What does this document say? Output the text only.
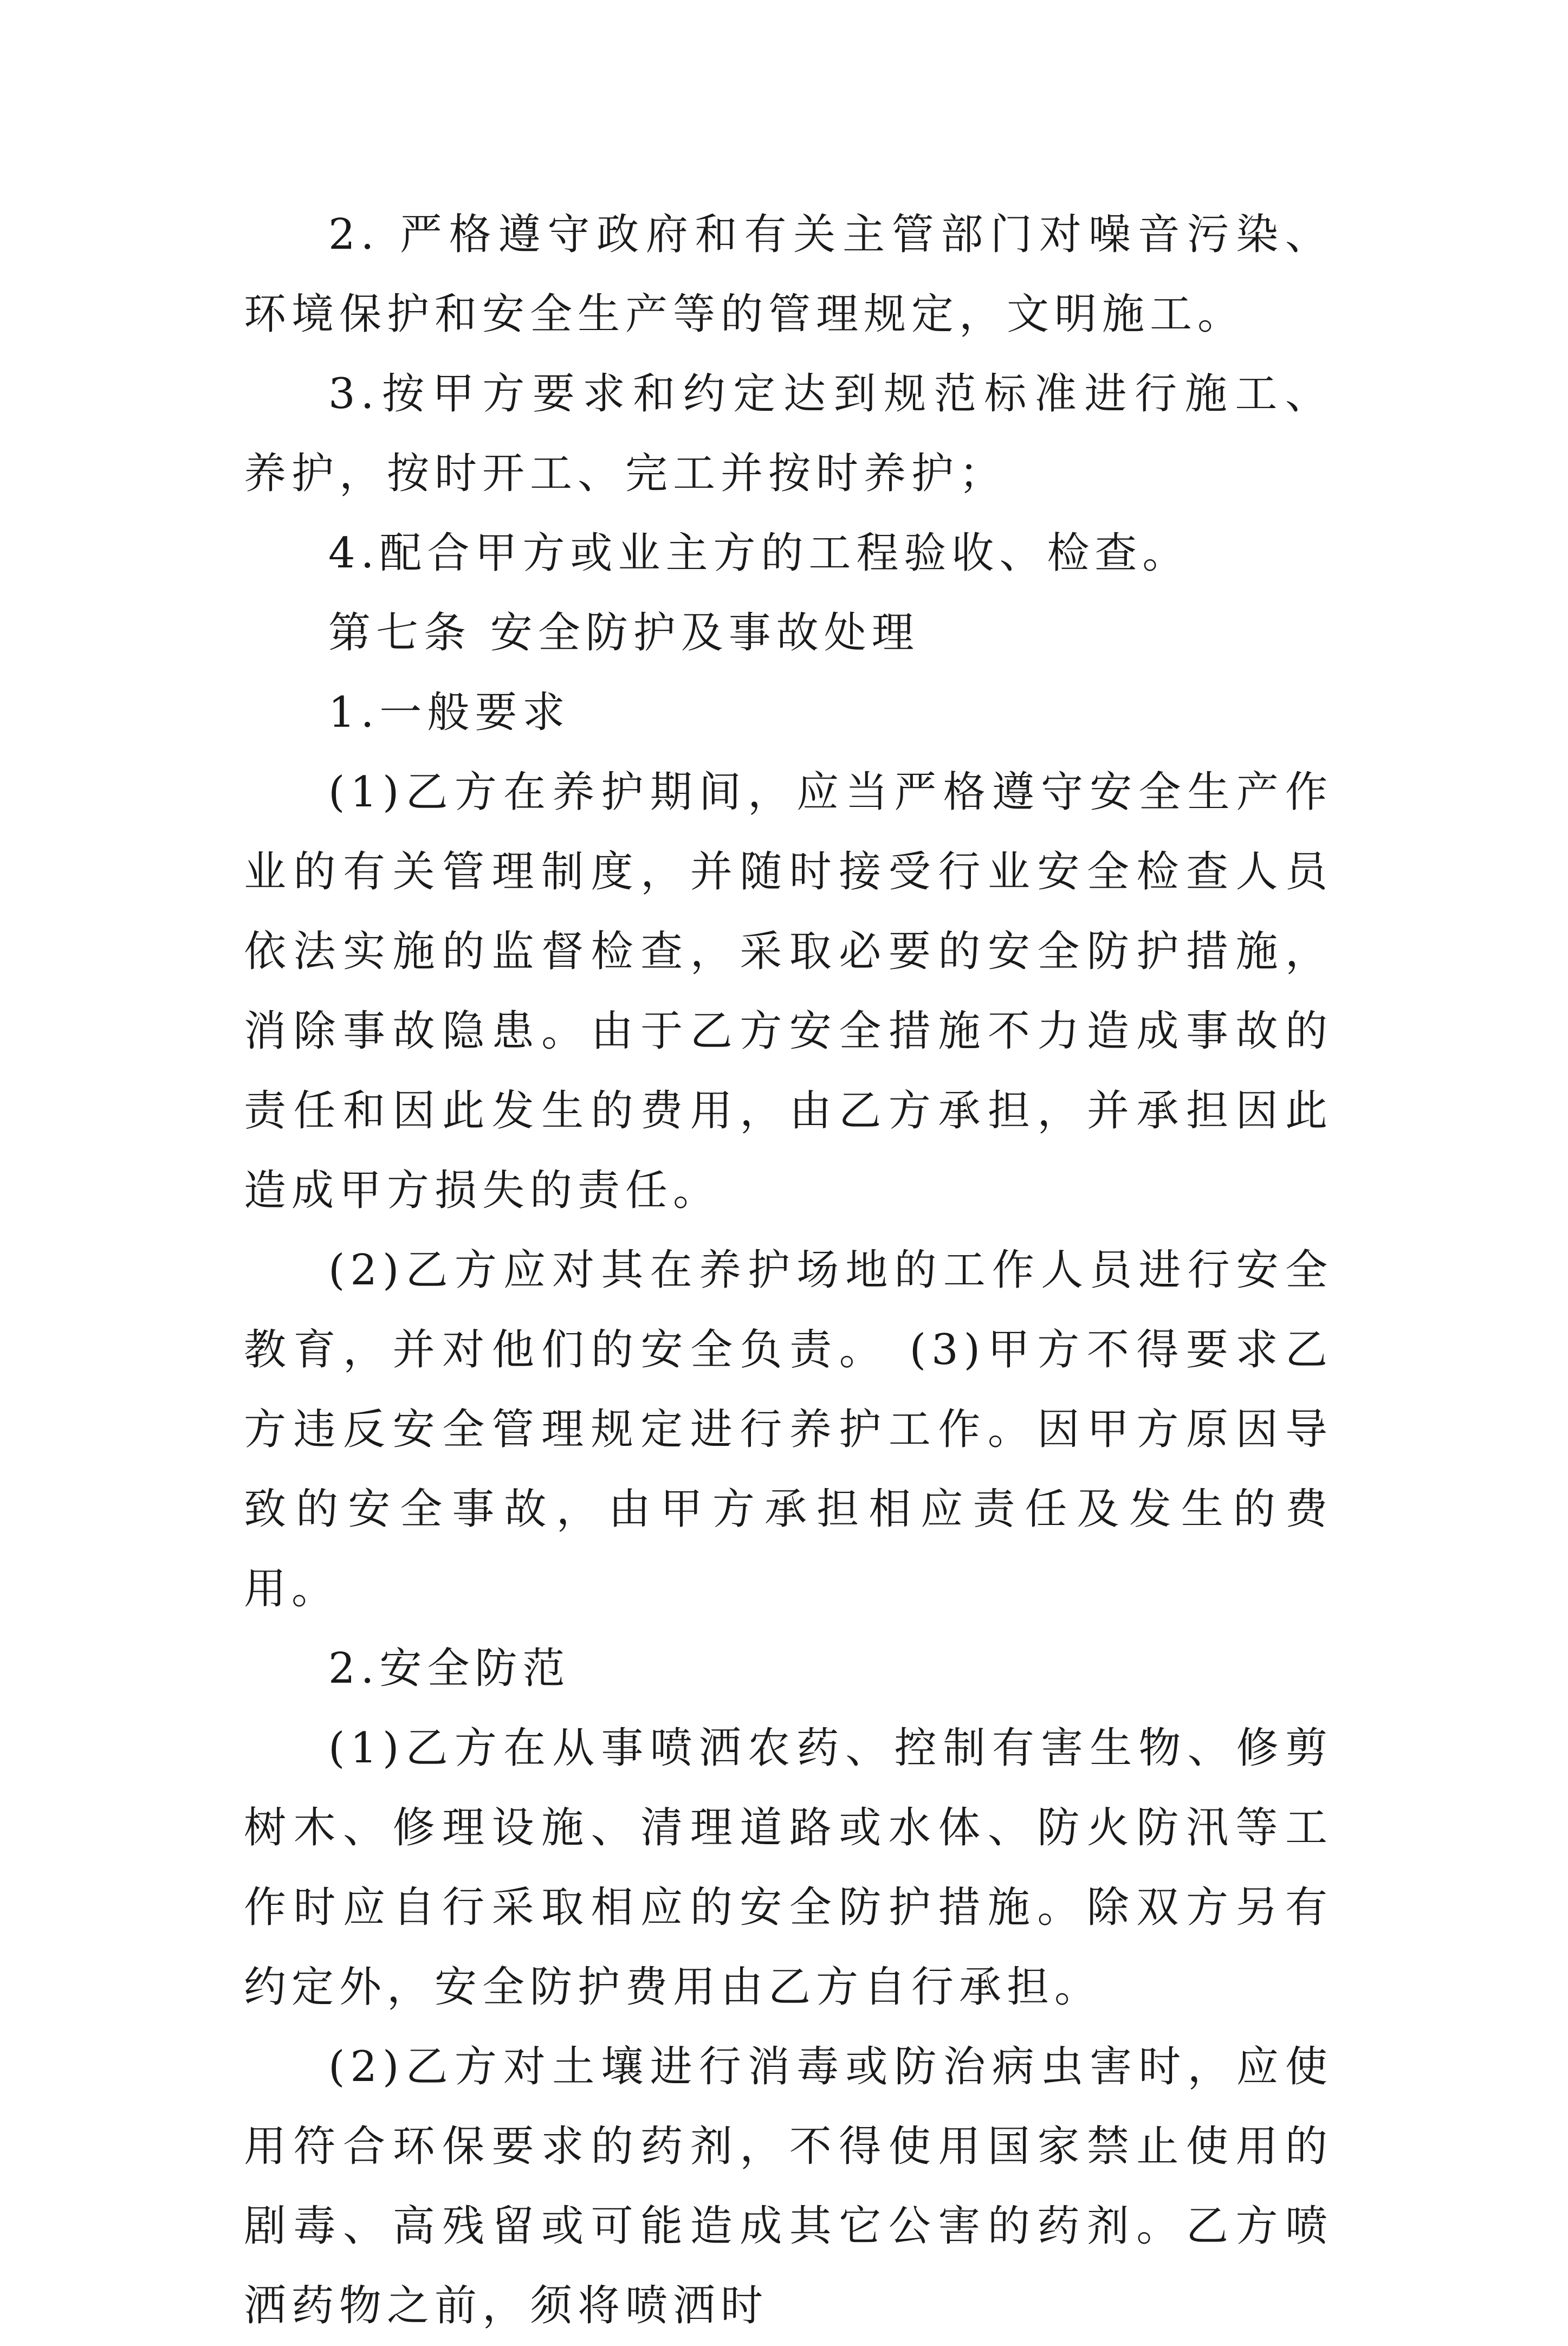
2. 严格遵守政府和有关主管部门对噪音污染、环境保护和安全生产等的管理规定，文明施工。

3.按甲方要求和约定达到规范标准进行施工、养护，按时开工、完工并按时养护；

4.配合甲方或业主方的工程验收、检查。

第七条 安全防护及事故处理

1.一般要求

(1)乙方在养护期间，应当严格遵守安全生产作业的有关管理制度，并随时接受行业安全检查人员依法实施的监督检查，采取必要的安全防护措施，消除事故隐患。由于乙方安全措施不力造成事故的责任和因此发生的费用，由乙方承担，并承担因此造成甲方损失的责任。

(2)乙方应对其在养护场地的工作人员进行安全教育，并对他们的安全负责。 (3)甲方不得要求乙方违反安全管理规定进行养护工作。因甲方原因导致的安全事故，由甲方承担相应责任及发生的费用。

2.安全防范

(1)乙方在从事喷洒农药、控制有害生物、修剪树木、修理设施、清理道路或水体、防火防汛等工作时应自行采取相应的安全防护措施。除双方另有约定外，安全防护费用由乙方自行承担。

(2)乙方对土壤进行消毒或防治病虫害时，应使用符合环保要求的药剂，不得使用国家禁止使用的剧毒、高残留或可能造成其它公害的药剂。乙方喷洒药物之前，须将喷洒时
